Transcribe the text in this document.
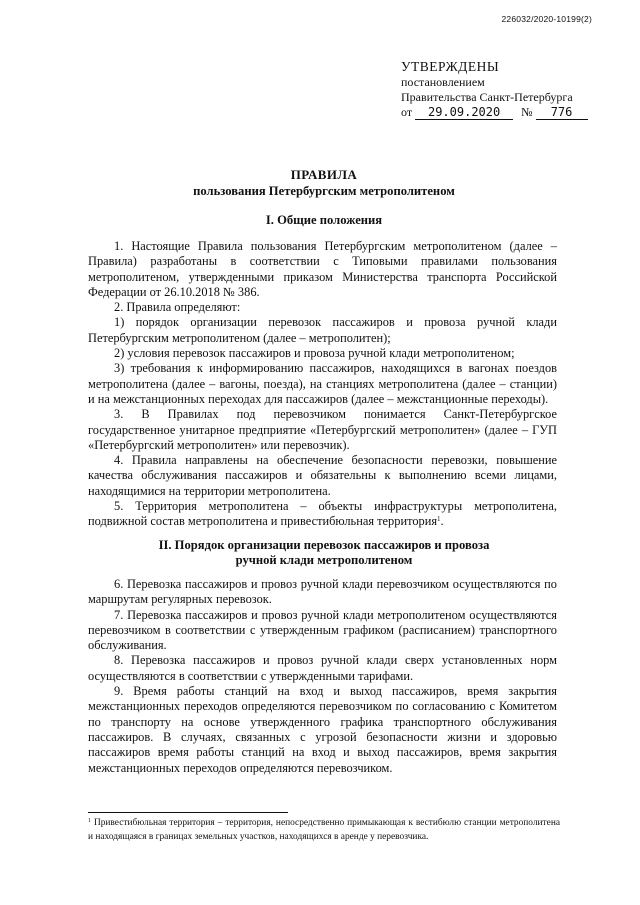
226032/2020-10199(2)
УТВЕРЖДЕНЫ
постановлением
Правительства Санкт-Петербурга
от 29.09.2020 № 776
ПРАВИЛА
пользования Петербургским метрополитеном
I. Общие положения

1. Настоящие Правила пользования Петербургским метрополитеном (далее – Правила) разработаны в соответствии с Типовыми правилами пользования метрополитеном, утвержденными приказом Министерства транспорта Российской Федерации от 26.10.2018 № 386.

2. Правила определяют:

1) порядок организации перевозок пассажиров и провоза ручной клади Петербургским метрополитеном (далее – метрополитен);

2) условия перевозок пассажиров и провоза ручной клади метрополитеном;

3) требования к информированию пассажиров, находящихся в вагонах поездов метрополитена (далее – вагоны, поезда), на станциях метрополитена (далее – станции) и на межстанционных переходах для пассажиров (далее – межстанционные переходы).

3. В Правилах под перевозчиком понимается Санкт-Петербургское государственное унитарное предприятие «Петербургский метрополитен» (далее – ГУП «Петербургский метрополитен» или перевозчик).

4. Правила направлены на обеспечение безопасности перевозки, повышение качества обслуживания пассажиров и обязательны к выполнению всеми лицами, находящимися на территории метрополитена.

5. Территория метрополитена – объекты инфраструктуры метрополитена, подвижной состав метрополитена и привестибюльная территория$^1$.

II. Порядок организации перевозок пассажиров и провоза
ручной клади метрополитеном

6. Перевозка пассажиров и провоз ручной клади перевозчиком осуществляются по маршрутам регулярных перевозок.

7. Перевозка пассажиров и провоз ручной клади метрополитеном осуществляются перевозчиком в соответствии с утвержденным графиком (расписанием) транспортного обслуживания.

8. Перевозка пассажиров и провоз ручной клади сверх установленных норм осуществляются в соответствии с утвержденными тарифами.

9. Время работы станций на вход и выход пассажиров, время закрытия межстанционных переходов определяются перевозчиком по согласованию с Комитетом по транспорту на основе утвержденного графика транспортного обслуживания пассажиров. В случаях, связанных с угрозой безопасности жизни и здоровью пассажиров время работы станций на вход и выход пассажиров, время закрытия межстанционных переходов определяются перевозчиком.

$^1$ Привестибюльная территория – территория, непосредственно примыкающая к вестибюлю станции метрополитена и находящаяся в границах земельных участков, находящихся в аренде у перевозчика.
